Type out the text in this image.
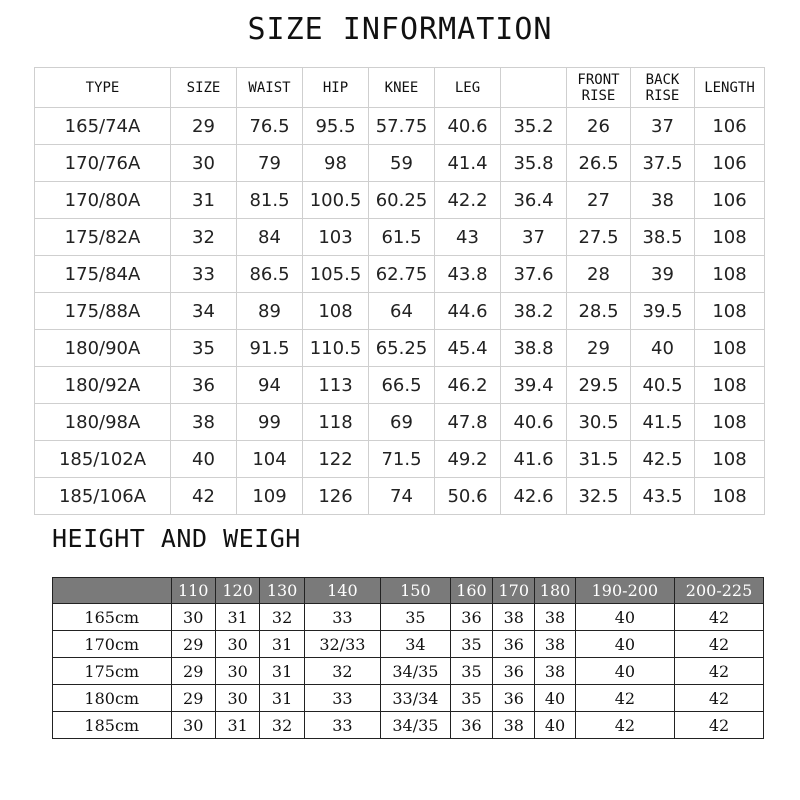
SIZE INFORMATION
TYPE	SIZE	WAIST	HIP	KNEE	LEG		FRONT RISE	BACK RISE	LENGTH
165/74A	29	76.5	95.5	57.75	40.6	35.2	26	37	106
170/76A	30	79	98	59	41.4	35.8	26.5	37.5	106
170/80A	31	81.5	100.5	60.25	42.2	36.4	27	38	106
175/82A	32	84	103	61.5	43	37	27.5	38.5	108
175/84A	33	86.5	105.5	62.75	43.8	37.6	28	39	108
175/88A	34	89	108	64	44.6	38.2	28.5	39.5	108
180/90A	35	91.5	110.5	65.25	45.4	38.8	29	40	108
180/92A	36	94	113	66.5	46.2	39.4	29.5	40.5	108
180/98A	38	99	118	69	47.8	40.6	30.5	41.5	108
185/102A	40	104	122	71.5	49.2	41.6	31.5	42.5	108
185/106A	42	109	126	74	50.6	42.6	32.5	43.5	108
HEIGHT AND WEIGH
	110	120	130	140	150	160	170	180	190-200	200-225
165cm	30	31	32	33	35	36	38	38	40	42
170cm	29	30	31	32/33	34	35	36	38	40	42
175cm	29	30	31	32	34/35	35	36	38	40	42
180cm	29	30	31	33	33/34	35	36	40	42	42
185cm	30	31	32	33	34/35	36	38	40	42	42
